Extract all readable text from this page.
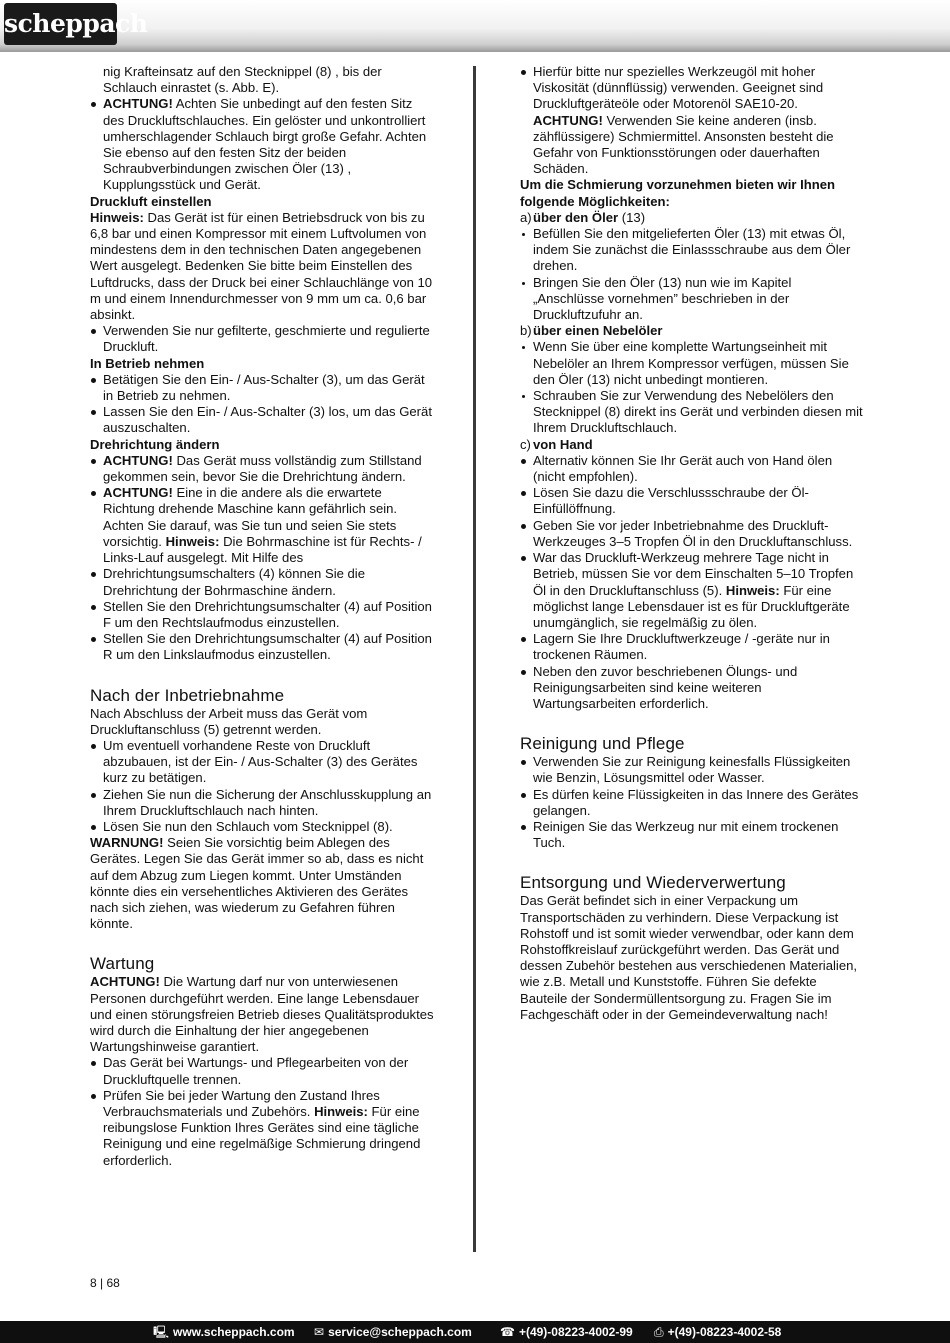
scheppach

nig Krafteinsatz auf den Stecknippel (8) , bis der

Schlauch einrastet (s. Abb. E).

ACHTUNG! Achten Sie unbedingt auf den festen Sitz des Druckluftschlauches. Ein gelöster und unkontrolliert umherschlagender Schlauch birgt große Gefahr. Achten Sie ebenso auf den festen Sitz der beiden Schraubverbindungen zwischen Öler (13) , Kupplungsstück und Gerät.

Druckluft einstellen

Hinweis: Das Gerät ist für einen Betriebsdruck von bis zu 6,8 bar und einen Kompressor mit einem Luftvolumen von mindestens dem in den technischen Daten angegebenen Wert ausgelegt. Bedenken Sie bitte beim Einstellen des Luftdrucks, dass der Druck bei einer Schlauchlänge von 10 m und einem Innendurchmesser von 9 mm um ca. 0,6 bar absinkt.

Verwenden Sie nur gefilterte, geschmierte und regulierte Druckluft.

In Betrieb nehmen

Betätigen Sie den Ein- / Aus-Schalter (3), um das Gerät in Betrieb zu nehmen.
Lassen Sie den Ein- / Aus-Schalter (3) los, um das Gerät auszuschalten.

Drehrichtung ändern

ACHTUNG! Das Gerät muss vollständig zum Stillstand gekommen sein, bevor Sie die Drehrichtung ändern.
ACHTUNG! Eine in die andere als die erwartete Richtung drehende Maschine kann gefährlich sein. Achten Sie darauf, was Sie tun und seien Sie stets vorsichtig. Hinweis: Die Bohrmaschine ist für Rechts- / Links-Lauf ausgelegt. Mit Hilfe des
Drehrichtungsumschalters (4) können Sie die Drehrichtung der Bohrmaschine ändern.
Stellen Sie den Drehrichtungsumschalter (4) auf Position F um den Rechtslaufmodus einzustellen.
Stellen Sie den Drehrichtungsumschalter (4) auf Position R um den Linkslaufmodus einzustellen.
Nach der Inbetriebnahme

Nach Abschluss der Arbeit muss das Gerät vom Druckluftanschluss (5) getrennt werden.

Um eventuell vorhandene Reste von Druckluft abzubauen, ist der Ein- / Aus-Schalter (3) des Gerätes kurz zu betätigen.
Ziehen Sie nun die Sicherung der Anschlusskupplung an Ihrem Druckluftschlauch nach hinten.
Lösen Sie nun den Schlauch vom Stecknippel (8).

WARNUNG! Seien Sie vorsichtig beim Ablegen des Gerätes. Legen Sie das Gerät immer so ab, dass es nicht auf dem Abzug zum Liegen kommt. Unter Umständen könnte dies ein versehentliches Aktivieren des Gerätes nach sich ziehen, was wiederum zu Gefahren führen könnte.

Wartung

ACHTUNG! Die Wartung darf nur von unterwiesenen Personen durchgeführt werden. Eine lange Lebensdauer und einen störungsfreien Betrieb dieses Qualitätsproduktes wird durch die Einhaltung der hier angegebenen Wartungshinweise garantiert.

Das Gerät bei Wartungs- und Pflegearbeiten von der Druckluftquelle trennen.
Prüfen Sie bei jeder Wartung den Zustand Ihres Verbrauchsmaterials und Zubehörs. Hinweis: Für eine reibungslose Funktion Ihres Gerätes sind eine tägliche Reinigung und eine regelmäßige Schmierung dringend erforderlich.
Hierfür bitte nur spezielles Werkzeugöl mit hoher Viskosität (dünnflüssig) verwenden. Geeignet sind Druckluftgeräteöle oder Motorenöl SAE10-20. ACHTUNG! Verwenden Sie keine anderen (insb. zähflüssigere) Schmiermittel. Ansonsten besteht die Gefahr von Funktionsstörungen oder dauerhaften Schäden.

Um die Schmierung vorzunehmen bieten wir Ihnen folgende Möglichkeiten:

a) über den Öler (13)
Befüllen Sie den mitgelieferten Öler (13) mit etwas Öl, indem Sie zunächst die Einlassschraube aus dem Öler drehen.
Bringen Sie den Öler (13) nun wie im Kapitel „Anschlüsse vornehmen” beschrieben in der Druckluftzufuhr an.
b) über einen Nebelöler
Wenn Sie über eine komplette Wartungseinheit mit Nebelöler an Ihrem Kompressor verfügen, müssen Sie den Öler (13) nicht unbedingt montieren.
Schrauben Sie zur Verwendung des Nebelölers den Stecknippel (8) direkt ins Gerät und verbinden diesen mit Ihrem Druckluftschlauch.
c) von Hand
Alternativ können Sie Ihr Gerät auch von Hand ölen (nicht empfohlen).
Lösen Sie dazu die Verschlussschraube der Öl-Einfüllöffnung.
Geben Sie vor jeder Inbetriebnahme des Druckluft- Werkzeuges 3–5 Tropfen Öl in den Druckluftanschluss.
War das Druckluft-Werkzeug mehrere Tage nicht in Betrieb, müssen Sie vor dem Einschalten 5–10 Tropfen Öl in den Druckluftanschluss (5). Hinweis: Für eine möglichst lange Lebensdauer ist es für Druckluftgeräte unumgänglich, sie regelmäßig zu ölen.
Lagern Sie Ihre Druckluftwerkzeuge / -geräte nur in trockenen Räumen.
Neben den zuvor beschriebenen Ölungs- und Reinigungsarbeiten sind keine weiteren Wartungsarbeiten erforderlich.
Reinigung und Pflege
Verwenden Sie zur Reinigung keinesfalls Flüssigkeiten wie Benzin, Lösungsmittel oder Wasser.
Es dürfen keine Flüssigkeiten in das Innere des Gerätes gelangen.
Reinigen Sie das Werkzeug nur mit einem trockenen Tuch.
Entsorgung und Wiederverwertung

Das Gerät befindet sich in einer Verpackung um Transportschäden zu verhindern. Diese Verpackung ist Rohstoff und ist somit wieder verwendbar, oder kann dem Rohstoffkreislauf zurückgeführt werden. Das Gerät und dessen Zubehör bestehen aus verschiedenen Materialien, wie z.B. Metall und Kunststoffe. Führen Sie defekte Bauteile der Sondermüllentsorgung zu. Fragen Sie im Fachgeschäft oder in der Gemeindeverwaltung nach!

8 | 68
🖳 www.scheppach.com ✉ service@scheppach.com ☎ +(49)-08223-4002-99 ⎙ +(49)-08223-4002-58
